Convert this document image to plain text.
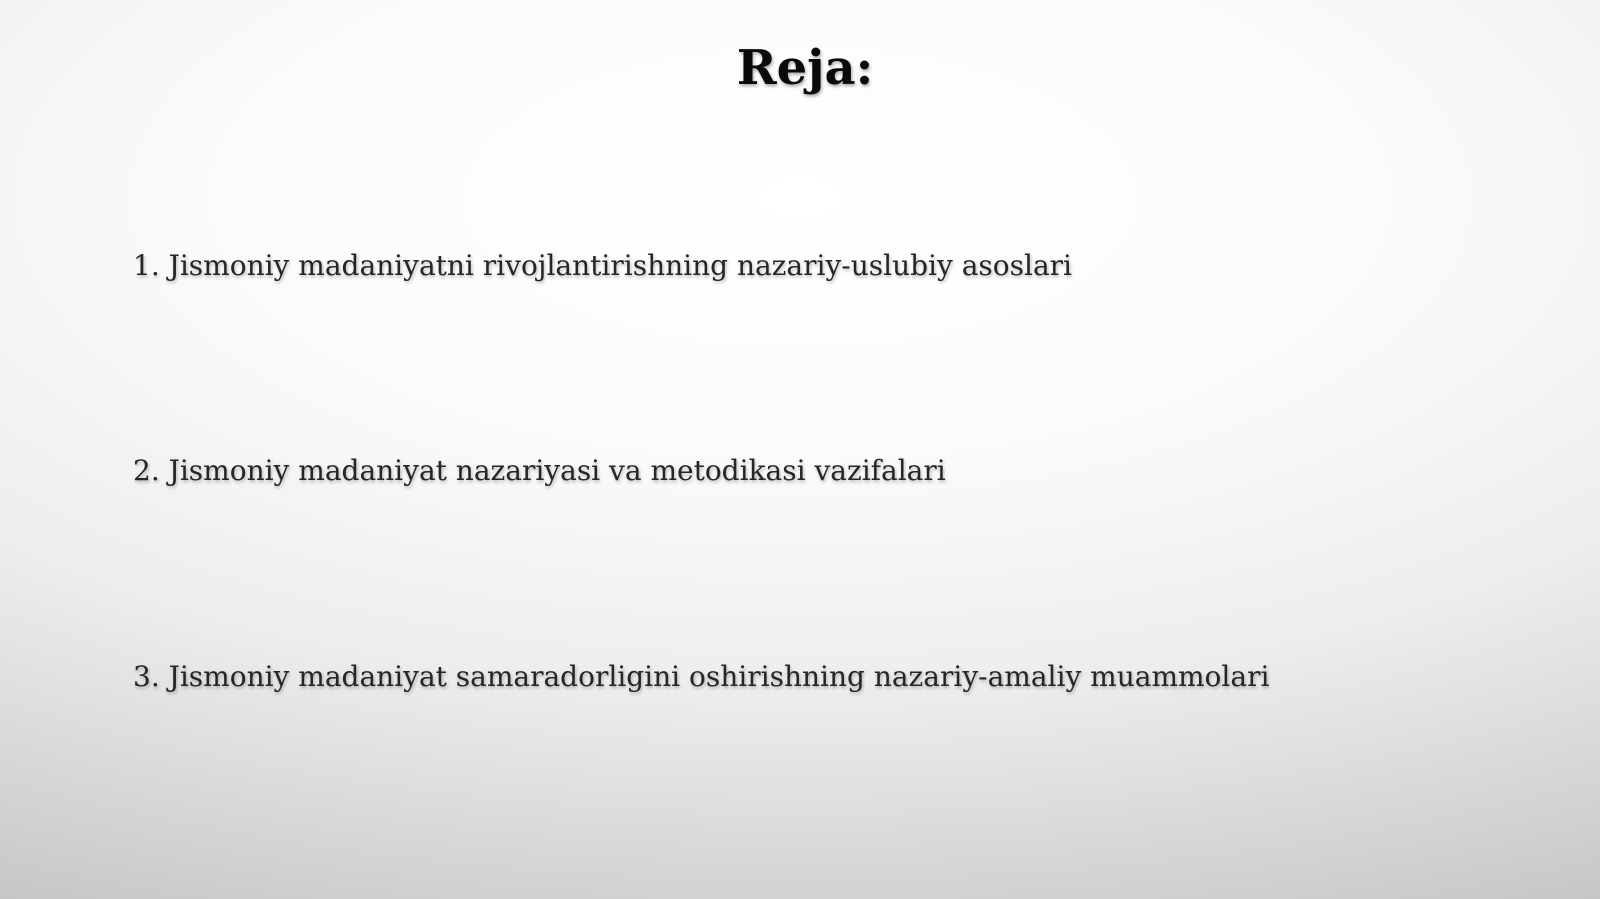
Reja:

1. Jismoniy madaniyatni rivojlantirishning nazariy-uslubiy asoslari

2. Jismoniy madaniyat nazariyasi va metodikasi vazifalari

3. Jismoniy madaniyat samaradorligini oshirishning nazariy-amaliy muammolari
